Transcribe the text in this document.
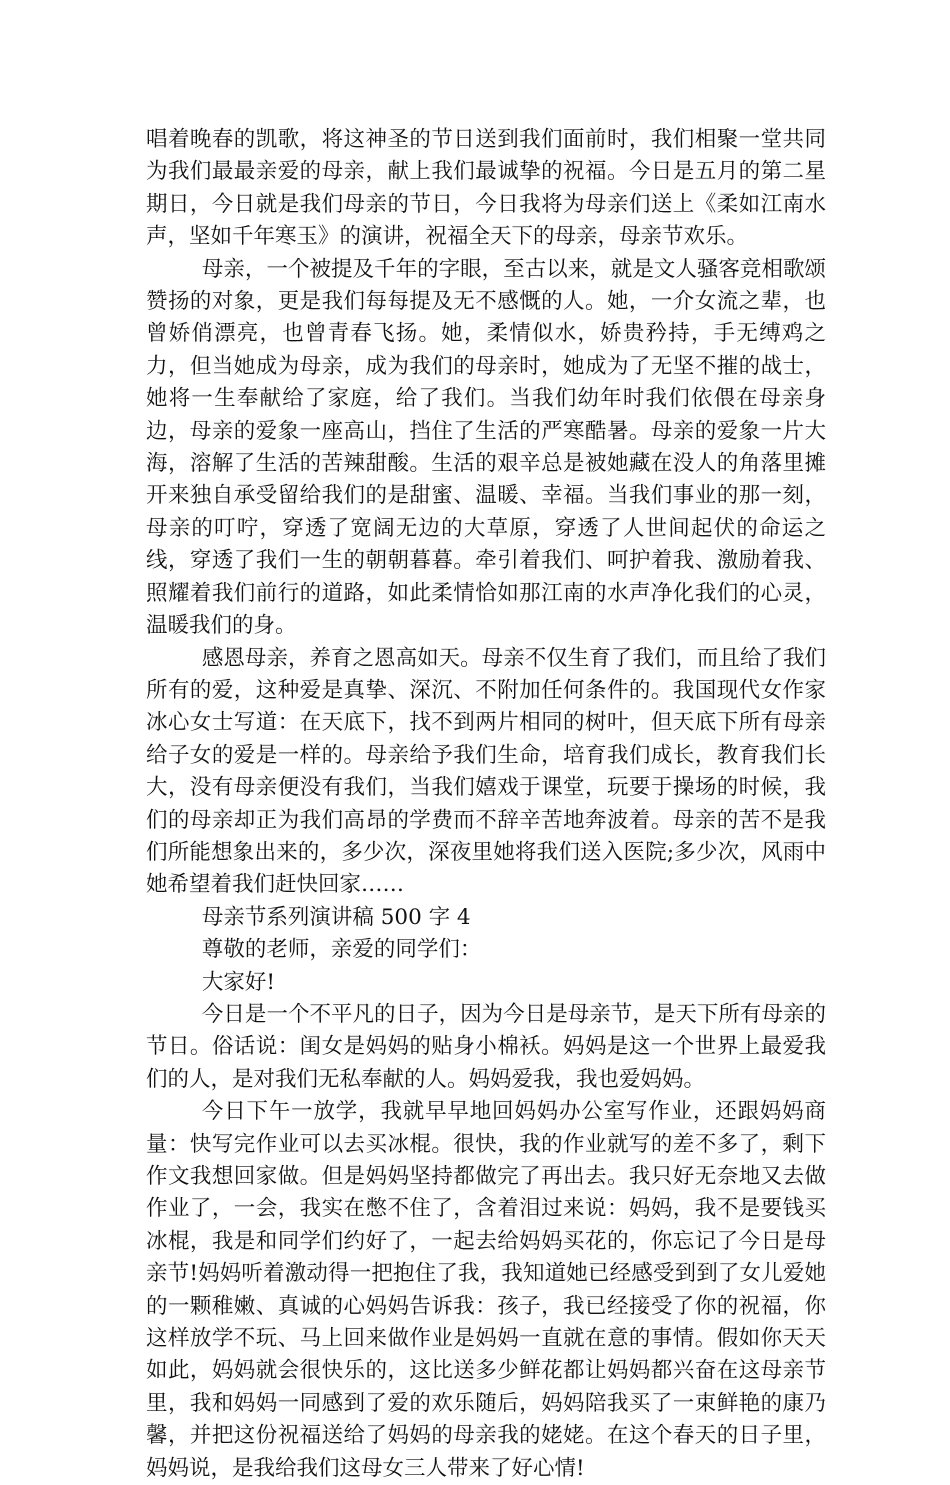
唱着晚春的凯歌，将这神圣的节日送到我们面前时，我们相聚一堂共同为我们最最亲爱的母亲，献上我们最诚挚的祝福。今日是五月的第二星期日，今日就是我们母亲的节日，今日我将为母亲们送上《柔如江南水声，坚如千年寒玉》的演讲，祝福全天下的母亲，母亲节欢乐。

母亲，一个被提及千年的字眼，至古以来，就是文人骚客竞相歌颂赞扬的对象，更是我们每每提及无不感慨的人。她，一介女流之辈，也曾娇俏漂亮，也曾青春飞扬。她，柔情似水，娇贵矜持，手无缚鸡之力，但当她成为母亲，成为我们的母亲时，她成为了无坚不摧的战士，她将一生奉献给了家庭，给了我们。当我们幼年时我们依偎在母亲身边，母亲的爱象一座高山，挡住了生活的严寒酷暑。母亲的爱象一片大海，溶解了生活的苦辣甜酸。生活的艰辛总是被她藏在没人的角落里摊开来独自承受留给我们的是甜蜜、温暖、幸福。当我们事业的那一刻，母亲的叮咛，穿透了宽阔无边的大草原，穿透了人世间起伏的命运之线，穿透了我们一生的朝朝暮暮。牵引着我们、呵护着我、激励着我、照耀着我们前行的道路，如此柔情恰如那江南的水声净化我们的心灵，温暖我们的身。

感恩母亲，养育之恩高如天。母亲不仅生育了我们，而且给了我们所有的爱，这种爱是真挚、深沉、不附加任何条件的。我国现代女作家冰心女士写道：在天底下，找不到两片相同的树叶，但天底下所有母亲给子女的爱是一样的。母亲给予我们生命，培育我们成长，教育我们长大，没有母亲便没有我们，当我们嬉戏于课堂，玩要于操场的时候，我们的母亲却正为我们高昂的学费而不辞辛苦地奔波着。母亲的苦不是我们所能想象出来的，多少次，深夜里她将我们送入医院;多少次，风雨中她希望着我们赶快回家……

母亲节系列演讲稿 500 字 4

尊敬的老师，亲爱的同学们：

大家好!

今日是一个不平凡的日子，因为今日是母亲节，是天下所有母亲的节日。俗话说：闺女是妈妈的贴身小棉袄。妈妈是这一个世界上最爱我们的人，是对我们无私奉献的人。妈妈爱我，我也爱妈妈。

今日下午一放学，我就早早地回妈妈办公室写作业，还跟妈妈商量：快写完作业可以去买冰棍。很快，我的作业就写的差不多了，剩下作文我想回家做。但是妈妈坚持都做完了再出去。我只好无奈地又去做作业了，一会，我实在憋不住了，含着泪过来说：妈妈，我不是要钱买冰棍，我是和同学们约好了，一起去给妈妈买花的，你忘记了今日是母亲节!妈妈听着激动得一把抱住了我，我知道她已经感受到到了女儿爱她的一颗稚嫩、真诚的心妈妈告诉我：孩子，我已经接受了你的祝福，你这样放学不玩、马上回来做作业是妈妈一直就在意的事情。假如你天天如此，妈妈就会很快乐的，这比送多少鲜花都让妈妈都兴奋在这母亲节里，我和妈妈一同感到了爱的欢乐随后，妈妈陪我买了一束鲜艳的康乃馨，并把这份祝福送给了妈妈的母亲我的姥姥。在这个春天的日子里，妈妈说，是我给我们这母女三人带来了好心情!
